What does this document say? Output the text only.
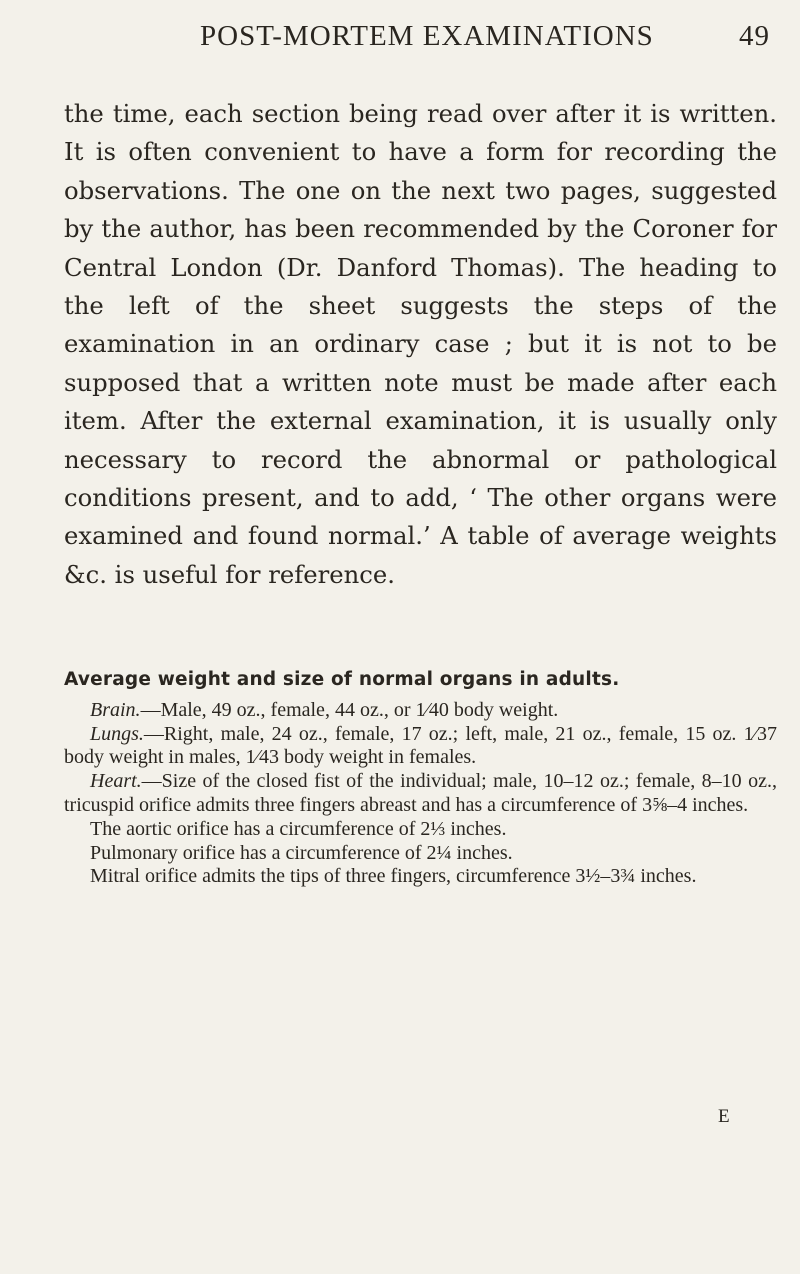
POST-MORTEM EXAMINATIONS	49
the time, each section being read over after it is written. It is often convenient to have a form for recording the observations. The one on the next two pages, suggested by the author, has been recommended by the Coroner for Central London (Dr. Danford Thomas). The heading to the left of the sheet suggests the steps of the examination in an ordinary case ; but it is not to be supposed that a written note must be made after each item. After the external examination, it is usually only necessary to record the abnormal or pathological conditions present, and to add, ‘ The other organs were examined and found normal.’ A table of average weights &c. is useful for reference.
Average weight and size of normal organs in adults.

Brain.—Male, 49 oz., female, 44 oz., or 1⁄40 body weight.

Lungs.—Right, male, 24 oz., female, 17 oz.; left, male, 21 oz., female, 15 oz. 1⁄37 body weight in males, 1⁄43 body weight in females.

Heart.—Size of the closed fist of the individual; male, 10–12 oz.; female, 8–10 oz., tricuspid orifice admits three fingers abreast and has a circumference of 3⅝–4 inches.

The aortic orifice has a circumference of 2⅓ inches.

Pulmonary orifice has a circumference of 2¼ inches.

Mitral orifice admits the tips of three fingers, circumference 3½–3¾ inches.

E
